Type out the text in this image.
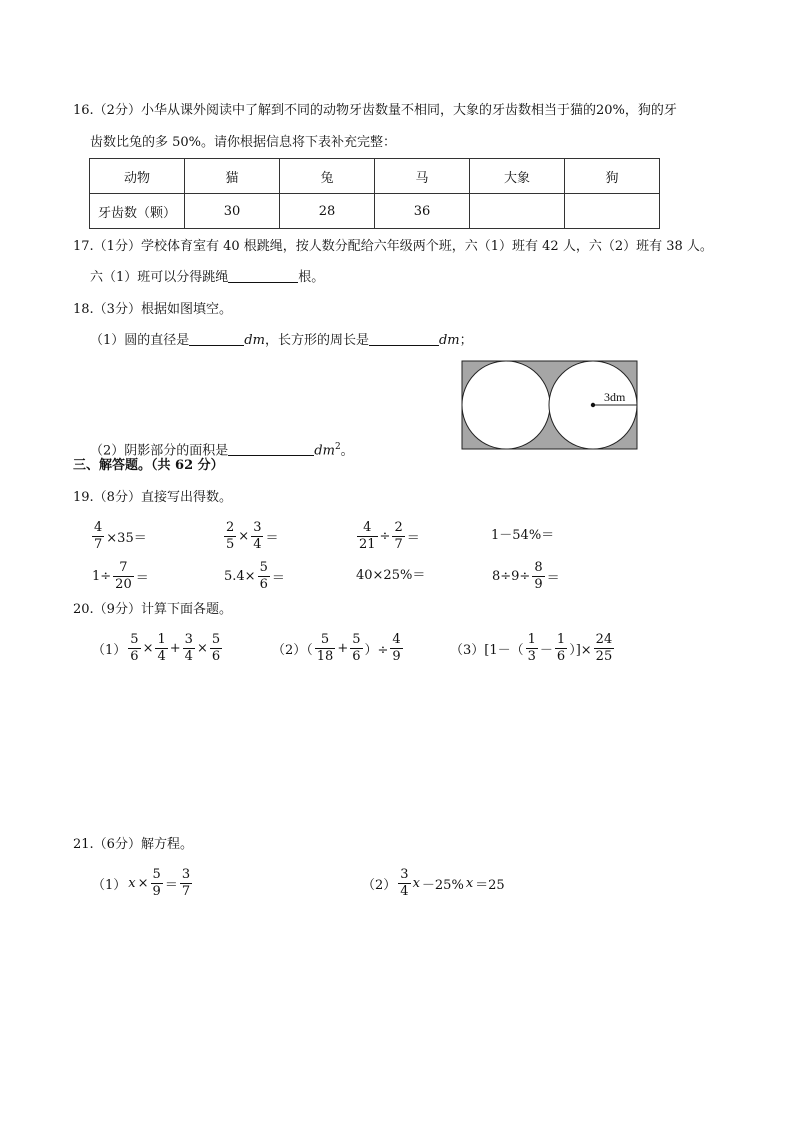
16.（2分）小华从课外阅读中了解到不同的动物牙齿数量不相同，大象的牙齿数相当于猫的20%，狗的牙
齿数比兔的多 50%。请你根据信息将下表补充完整：
动物	猫	兔	马	大象	狗
牙齿数（颗）	30	28	36		
17.（1分）学校体育室有 40 根跳绳，按人数分配给六年级两个班，六（1）班有 42 人，六（2）班有 38 人。
六（1）班可以分得跳绳	根。
18.（3分）根据如图填空。
（1）圆的直径是	dm，长方形的周长是	dm；
3dm
（2）阴影部分的面积是	$dm^2$。
三、解答题。（共 62 分）
19.（8分）直接写出得数。
$\frac{4}{7} \times 35=$	$\frac{2}{5} \times \frac{3}{4}$ ＝	$\frac{4}{21} \div \frac{2}{7}$ ＝	1－54%＝
$1\div \frac{7}{20}$ ＝	$5.4\times \frac{5}{6}$ ＝	40×25%＝	$8\div 9\div \frac{8}{9}$ ＝
20.（9分）计算下面各题。
$(1) \frac{5}{6} \times \frac{1}{4} + \frac{3}{4} \times \frac{5}{6}$	$(2)( \frac{5}{18} + \frac{5}{6}$ ）÷ $\frac{4}{9}$	$(3)[1-( \frac{1}{3} - \frac{1}{6}$ ）]× $\frac{24}{25}$
21.（6分）解方程。
（1） $x \times \frac{5}{9} = \frac{3}{7}$	$(2) \frac{3}{4}$ x －25% x ＝25
